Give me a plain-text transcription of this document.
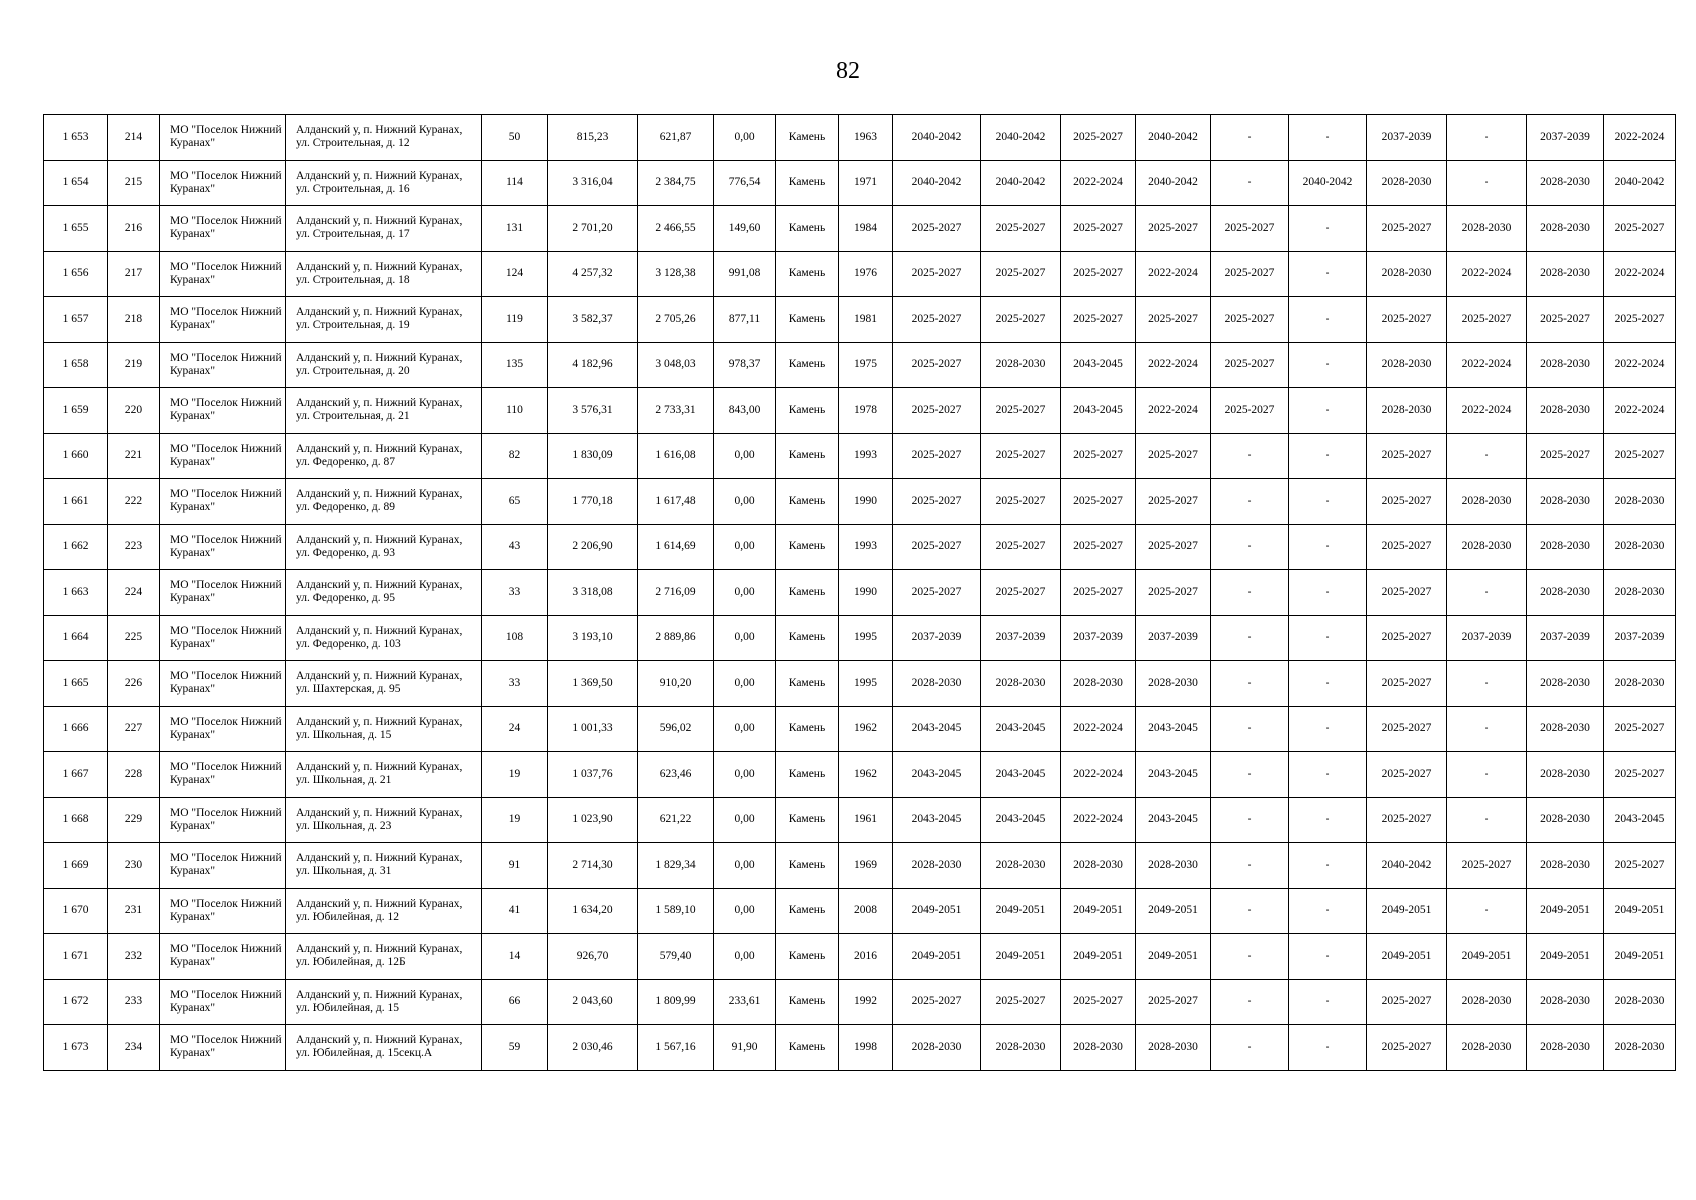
82
1 653	214	МО "Поселок Нижний Куранах"	Алданский у, п. Нижний Куранах, ул. Строительная, д. 12	50	815,23	621,87	0,00	Камень	1963	2040-2042	2040-2042	2025-2027	2040-2042	-	-	2037-2039	-	2037-2039	2022-2024
1 654	215	МО "Поселок Нижний Куранах"	Алданский у, п. Нижний Куранах, ул. Строительная, д. 16	114	3 316,04	2 384,75	776,54	Камень	1971	2040-2042	2040-2042	2022-2024	2040-2042	-	2040-2042	2028-2030	-	2028-2030	2040-2042
1 655	216	МО "Поселок Нижний Куранах"	Алданский у, п. Нижний Куранах, ул. Строительная, д. 17	131	2 701,20	2 466,55	149,60	Камень	1984	2025-2027	2025-2027	2025-2027	2025-2027	2025-2027	-	2025-2027	2028-2030	2028-2030	2025-2027
1 656	217	МО "Поселок Нижний Куранах"	Алданский у, п. Нижний Куранах, ул. Строительная, д. 18	124	4 257,32	3 128,38	991,08	Камень	1976	2025-2027	2025-2027	2025-2027	2022-2024	2025-2027	-	2028-2030	2022-2024	2028-2030	2022-2024
1 657	218	МО "Поселок Нижний Куранах"	Алданский у, п. Нижний Куранах, ул. Строительная, д. 19	119	3 582,37	2 705,26	877,11	Камень	1981	2025-2027	2025-2027	2025-2027	2025-2027	2025-2027	-	2025-2027	2025-2027	2025-2027	2025-2027
1 658	219	МО "Поселок Нижний Куранах"	Алданский у, п. Нижний Куранах, ул. Строительная, д. 20	135	4 182,96	3 048,03	978,37	Камень	1975	2025-2027	2028-2030	2043-2045	2022-2024	2025-2027	-	2028-2030	2022-2024	2028-2030	2022-2024
1 659	220	МО "Поселок Нижний Куранах"	Алданский у, п. Нижний Куранах, ул. Строительная, д. 21	110	3 576,31	2 733,31	843,00	Камень	1978	2025-2027	2025-2027	2043-2045	2022-2024	2025-2027	-	2028-2030	2022-2024	2028-2030	2022-2024
1 660	221	МО "Поселок Нижний Куранах"	Алданский у, п. Нижний Куранах, ул. Федоренко, д. 87	82	1 830,09	1 616,08	0,00	Камень	1993	2025-2027	2025-2027	2025-2027	2025-2027	-	-	2025-2027	-	2025-2027	2025-2027
1 661	222	МО "Поселок Нижний Куранах"	Алданский у, п. Нижний Куранах, ул. Федоренко, д. 89	65	1 770,18	1 617,48	0,00	Камень	1990	2025-2027	2025-2027	2025-2027	2025-2027	-	-	2025-2027	2028-2030	2028-2030	2028-2030
1 662	223	МО "Поселок Нижний Куранах"	Алданский у, п. Нижний Куранах, ул. Федоренко, д. 93	43	2 206,90	1 614,69	0,00	Камень	1993	2025-2027	2025-2027	2025-2027	2025-2027	-	-	2025-2027	2028-2030	2028-2030	2028-2030
1 663	224	МО "Поселок Нижний Куранах"	Алданский у, п. Нижний Куранах, ул. Федоренко, д. 95	33	3 318,08	2 716,09	0,00	Камень	1990	2025-2027	2025-2027	2025-2027	2025-2027	-	-	2025-2027	-	2028-2030	2028-2030
1 664	225	МО "Поселок Нижний Куранах"	Алданский у, п. Нижний Куранах, ул. Федоренко, д. 103	108	3 193,10	2 889,86	0,00	Камень	1995	2037-2039	2037-2039	2037-2039	2037-2039	-	-	2025-2027	2037-2039	2037-2039	2037-2039
1 665	226	МО "Поселок Нижний Куранах"	Алданский у, п. Нижний Куранах, ул. Шахтерская, д. 95	33	1 369,50	910,20	0,00	Камень	1995	2028-2030	2028-2030	2028-2030	2028-2030	-	-	2025-2027	-	2028-2030	2028-2030
1 666	227	МО "Поселок Нижний Куранах"	Алданский у, п. Нижний Куранах, ул. Школьная, д. 15	24	1 001,33	596,02	0,00	Камень	1962	2043-2045	2043-2045	2022-2024	2043-2045	-	-	2025-2027	-	2028-2030	2025-2027
1 667	228	МО "Поселок Нижний Куранах"	Алданский у, п. Нижний Куранах, ул. Школьная, д. 21	19	1 037,76	623,46	0,00	Камень	1962	2043-2045	2043-2045	2022-2024	2043-2045	-	-	2025-2027	-	2028-2030	2025-2027
1 668	229	МО "Поселок Нижний Куранах"	Алданский у, п. Нижний Куранах, ул. Школьная, д. 23	19	1 023,90	621,22	0,00	Камень	1961	2043-2045	2043-2045	2022-2024	2043-2045	-	-	2025-2027	-	2028-2030	2043-2045
1 669	230	МО "Поселок Нижний Куранах"	Алданский у, п. Нижний Куранах, ул. Школьная, д. 31	91	2 714,30	1 829,34	0,00	Камень	1969	2028-2030	2028-2030	2028-2030	2028-2030	-	-	2040-2042	2025-2027	2028-2030	2025-2027
1 670	231	МО "Поселок Нижний Куранах"	Алданский у, п. Нижний Куранах, ул. Юбилейная, д. 12	41	1 634,20	1 589,10	0,00	Камень	2008	2049-2051	2049-2051	2049-2051	2049-2051	-	-	2049-2051	-	2049-2051	2049-2051
1 671	232	МО "Поселок Нижний Куранах"	Алданский у, п. Нижний Куранах, ул. Юбилейная, д. 12Б	14	926,70	579,40	0,00	Камень	2016	2049-2051	2049-2051	2049-2051	2049-2051	-	-	2049-2051	2049-2051	2049-2051	2049-2051
1 672	233	МО "Поселок Нижний Куранах"	Алданский у, п. Нижний Куранах, ул. Юбилейная, д. 15	66	2 043,60	1 809,99	233,61	Камень	1992	2025-2027	2025-2027	2025-2027	2025-2027	-	-	2025-2027	2028-2030	2028-2030	2028-2030
1 673	234	МО "Поселок Нижний Куранах"	Алданский у, п. Нижний Куранах, ул. Юбилейная, д. 15секц.А	59	2 030,46	1 567,16	91,90	Камень	1998	2028-2030	2028-2030	2028-2030	2028-2030	-	-	2025-2027	2028-2030	2028-2030	2028-2030
